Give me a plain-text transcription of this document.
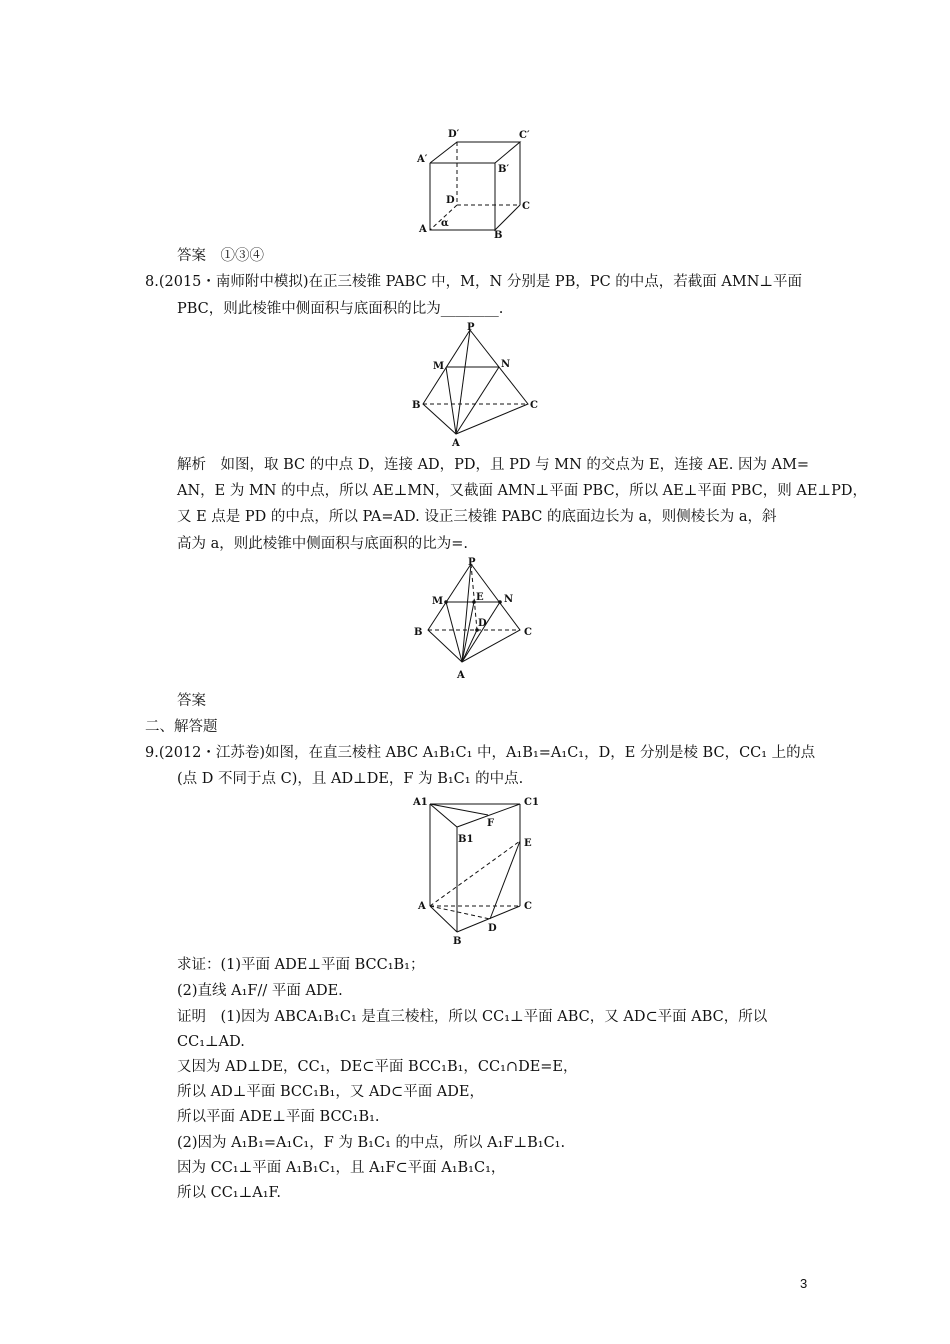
D′	C′
A′
B′
D
C
A
B
α
答案　①③④
8.(2015・南师附中模拟)在正三棱锥 PABC 中，M，N 分别是 PB，PC 的中点，若截面 AMN⊥平面
PBC，则此棱锥中侧面积与底面积的比为________.
P
M	N
B	C
A
解析　如图，取 BC 的中点 D，连接 AD，PD，且 PD 与 MN 的交点为 E，连接 AE. 因为 AM=
AN，E 为 MN 的中点，所以 AE⊥MN，又截面 AMN⊥平面 PBC，所以 AE⊥平面 PBC，则 AE⊥PD，
又 E 点是 PD 的中点，所以 PA=AD. 设正三棱锥 PABC 的底面边长为 a，则侧棱长为 a，斜
高为 a，则此棱锥中侧面积与底面积的比为=.
P
M	E N
D
B	C
A
答案
二、解答题
9.(2012・江苏卷)如图，在直三棱柱 ABC A₁B₁C₁ 中，A₁B₁=A₁C₁，D，E 分别是棱 BC，CC₁ 上的点
(点 D 不同于点 C)，且 AD⊥DE，F 为 B₁C₁ 的中点.
A1	C1
F
B1	E
A	C
D
B
求证：(1)平面 ADE⊥平面 BCC₁B₁；
(2)直线 A₁F// 平面 ADE.
证明　(1)因为 ABCA₁B₁C₁ 是直三棱柱，所以 CC₁⊥平面 ABC，又 AD⊂平面 ABC，所以
CC₁⊥AD.
又因为 AD⊥DE，CC₁，DE⊂平面 BCC₁B₁，CC₁∩DE=E，
所以 AD⊥平面 BCC₁B₁，又 AD⊂平面 ADE，
所以平面 ADE⊥平面 BCC₁B₁.
(2)因为 A₁B₁=A₁C₁，F 为 B₁C₁ 的中点，所以 A₁F⊥B₁C₁.
因为 CC₁⊥平面 A₁B₁C₁，且 A₁F⊂平面 A₁B₁C₁，
所以 CC₁⊥A₁F.
3
